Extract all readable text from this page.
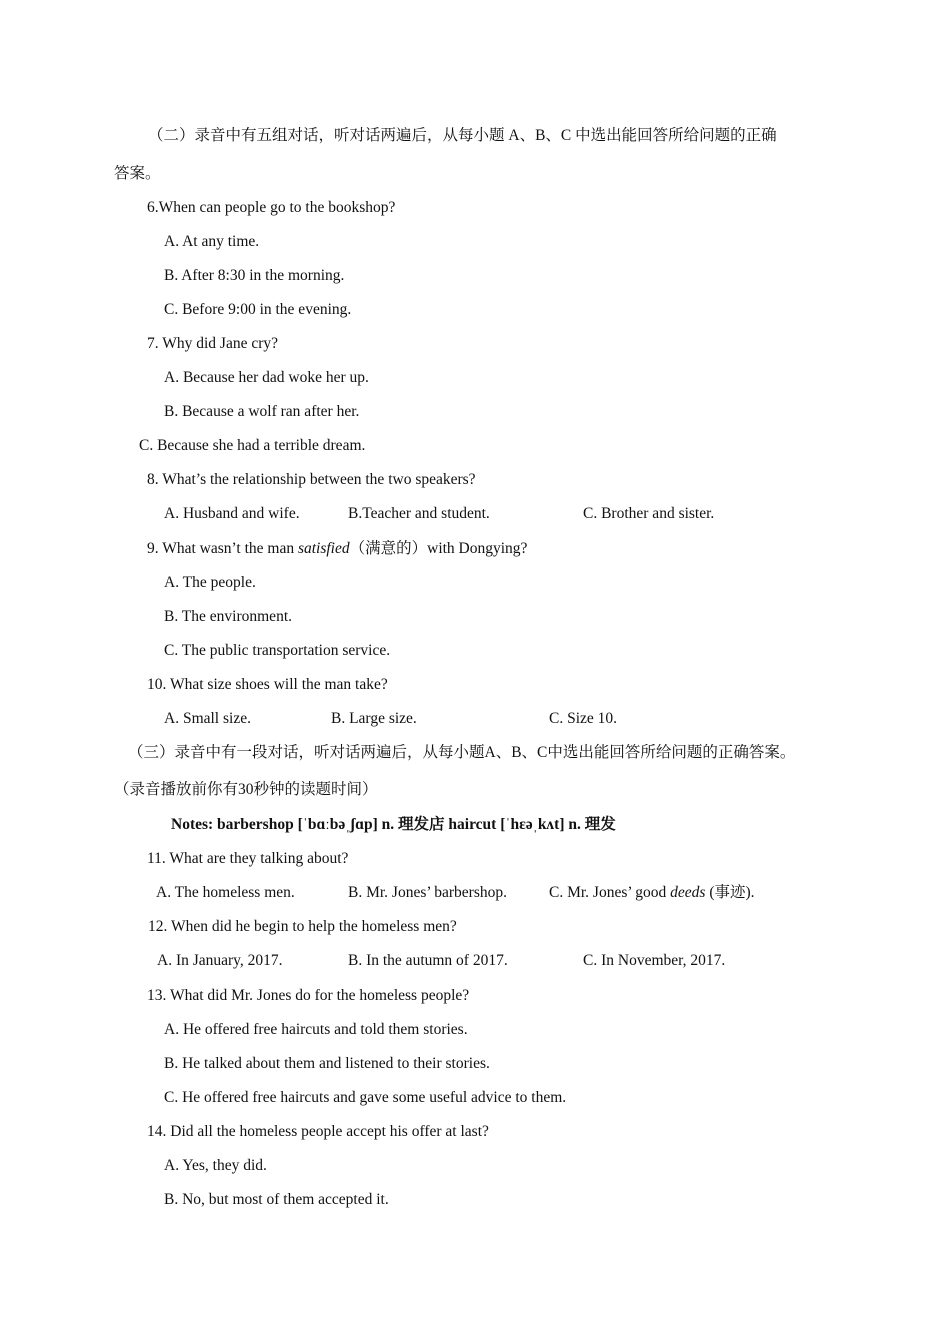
（二）录音中有五组对话，听对话两遍后，从每小题 A、B、C 中选出能回答所给问题的正确
答案。
6.When can people go to the bookshop?
A. At any time.
B. After 8:30 in the morning.
C. Before 9:00 in the evening.
7. Why did Jane cry?
A. Because her dad woke her up.
B. Because a wolf ran after her.
C. Because she had a terrible dream.
8. What’s the relationship between the two speakers?
A. Husband and wife.	B.Teacher and student.	C. Brother and sister.
9. What wasn’t the man satisfied（满意的）with Dongying?
A. The people.
B. The environment.
C. The public transportation service.
10. What size shoes will the man take?
A. Small size.	B. Large size.	C. Size 10.
（三）录音中有一段对话，听对话两遍后，从每小题A、B、C中选出能回答所给问题的正确答案。
（录音播放前你有30秒钟的读题时间）
Notes: barbershop [ˈbɑːbəˌʃɑp] n. 理发店 haircut [ˈhɛəˌkʌt] n. 理发
11. What are they talking about?
A. The homeless men.	B. Mr. Jones’ barbershop.	C. Mr. Jones’ good deeds (事迹).
12. When did he begin to help the homeless men?
A. In January, 2017.	B. In the autumn of 2017.	C. In November, 2017.
13. What did Mr. Jones do for the homeless people?
A. He offered free haircuts and told them stories.
B. He talked about them and listened to their stories.
C. He offered free haircuts and gave some useful advice to them.
14. Did all the homeless people accept his offer at last?
A. Yes, they did.
B. No, but most of them accepted it.
